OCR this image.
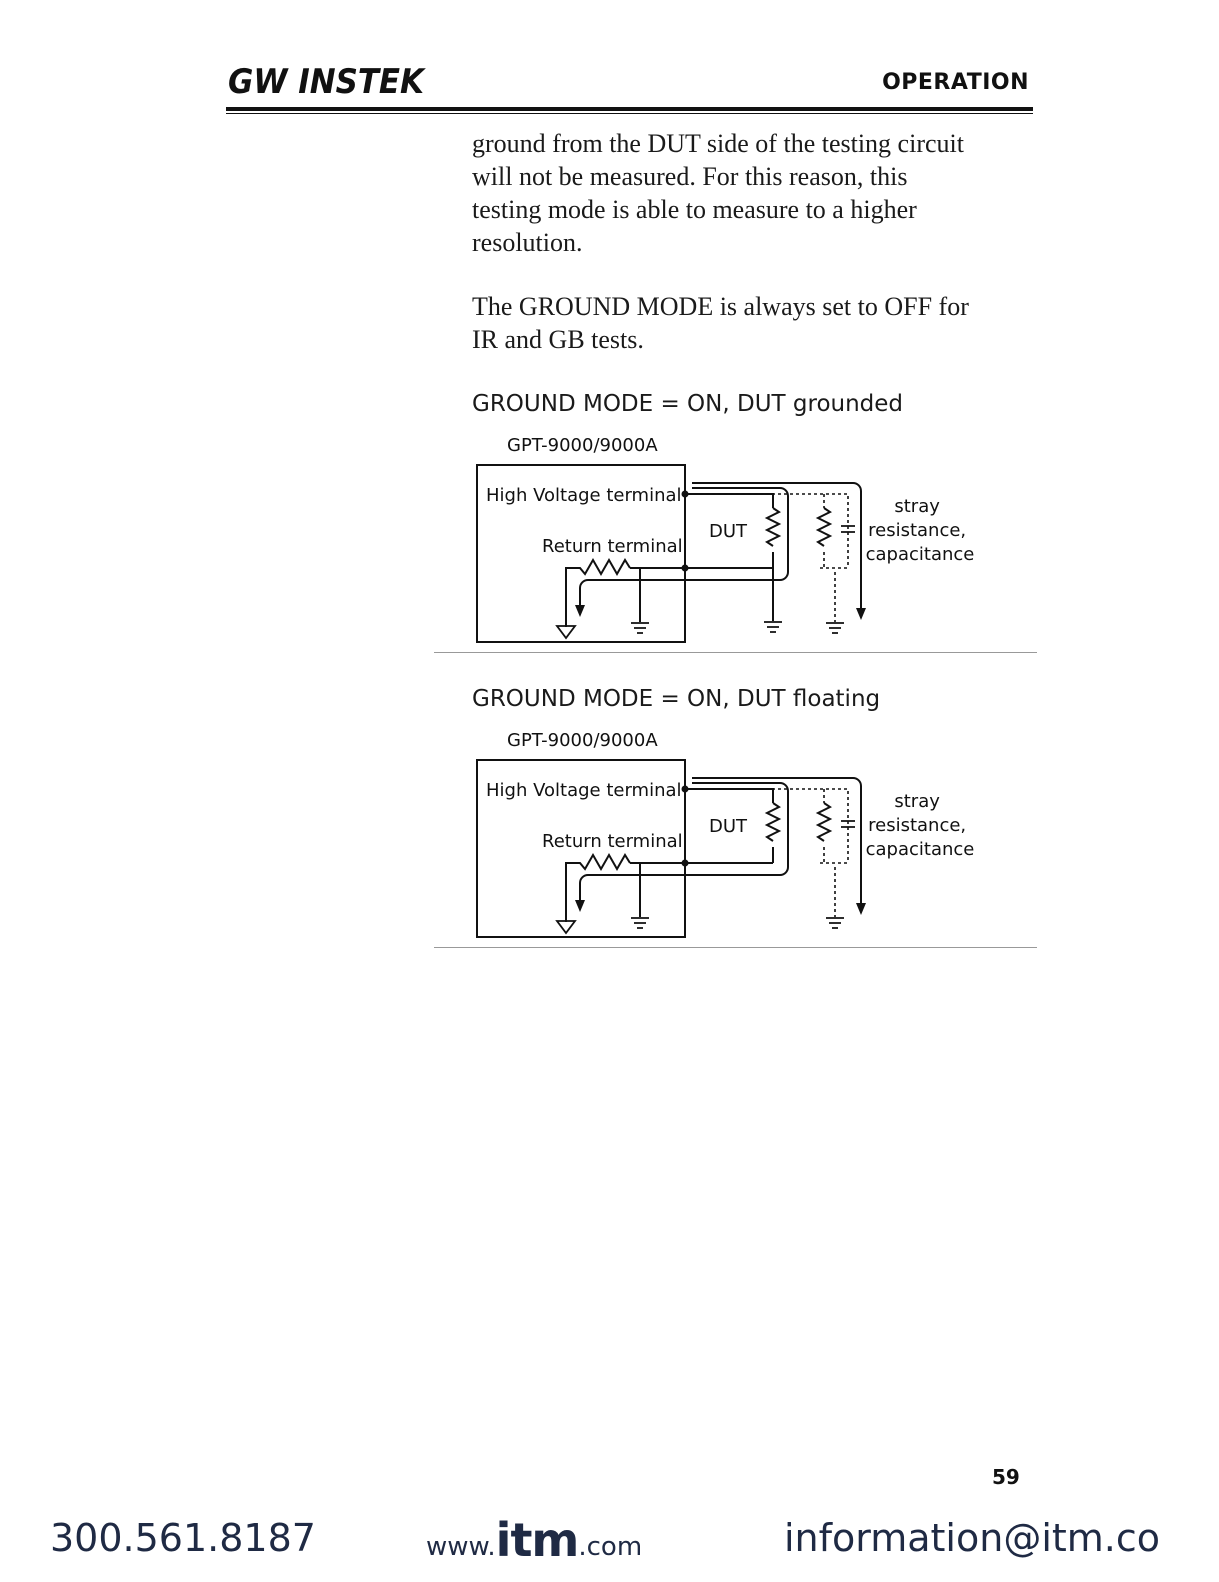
GW INSTEK	OPERATION
ground from the DUT side of the testing circuit
will not be measured. For this reason, this
testing mode is able to measure to a higher
resolution.
The GROUND MODE is always set to OFF for
IR and GB tests.
GROUND MODE = ON, DUT grounded
GPT-9000/9000A
High Voltage terminal
Return terminal
DUT
stray resistance, capacitance
GROUND MODE = ON, DUT floating
GPT-9000/9000A
High Voltage terminal
Return terminal
DUT
stray resistance, capacitance
59
300.561.8187	www. itm .com	information@itm.co
